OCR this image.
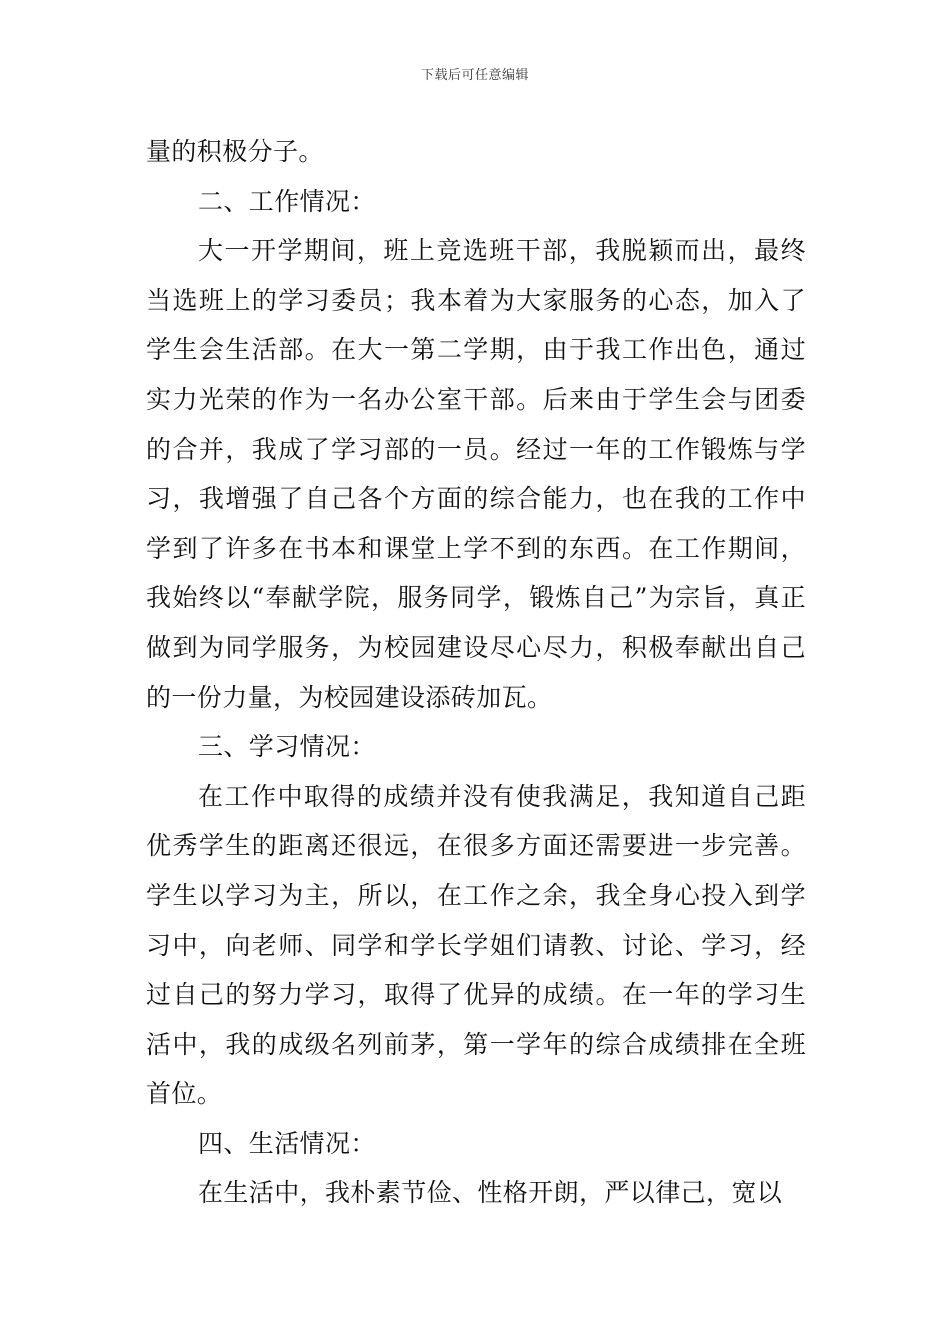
下载后可任意编辑

量的积极分子。

二、工作情况：

大一开学期间，班上竞选班干部，我脱颖而出，最终当选班上的学习委员；我本着为大家服务的心态，加入了学生会生活部。在大一第二学期，由于我工作出色，通过实力光荣的作为一名办公室干部。后来由于学生会与团委的合并，我成了学习部的一员。经过一年的工作锻炼与学习，我增强了自己各个方面的综合能力，也在我的工作中学到了许多在书本和课堂上学不到的东西。在工作期间，我始终以“奉献学院，服务同学，锻炼自己”为宗旨，真正做到为同学服务，为校园建设尽心尽力，积极奉献出自己的一份力量，为校园建设添砖加瓦。

三、学习情况：

在工作中取得的成绩并没有使我满足，我知道自己距优秀学生的距离还很远，在很多方面还需要进一步完善。学生以学习为主，所以，在工作之余，我全身心投入到学习中，向老师、同学和学长学姐们请教、讨论、学习，经过自己的努力学习，取得了优异的成绩。在一年的学习生活中，我的成级名列前茅，第一学年的综合成绩排在全班首位。

四、生活情况：

在生活中，我朴素节俭、性格开朗，严以律己，宽以
